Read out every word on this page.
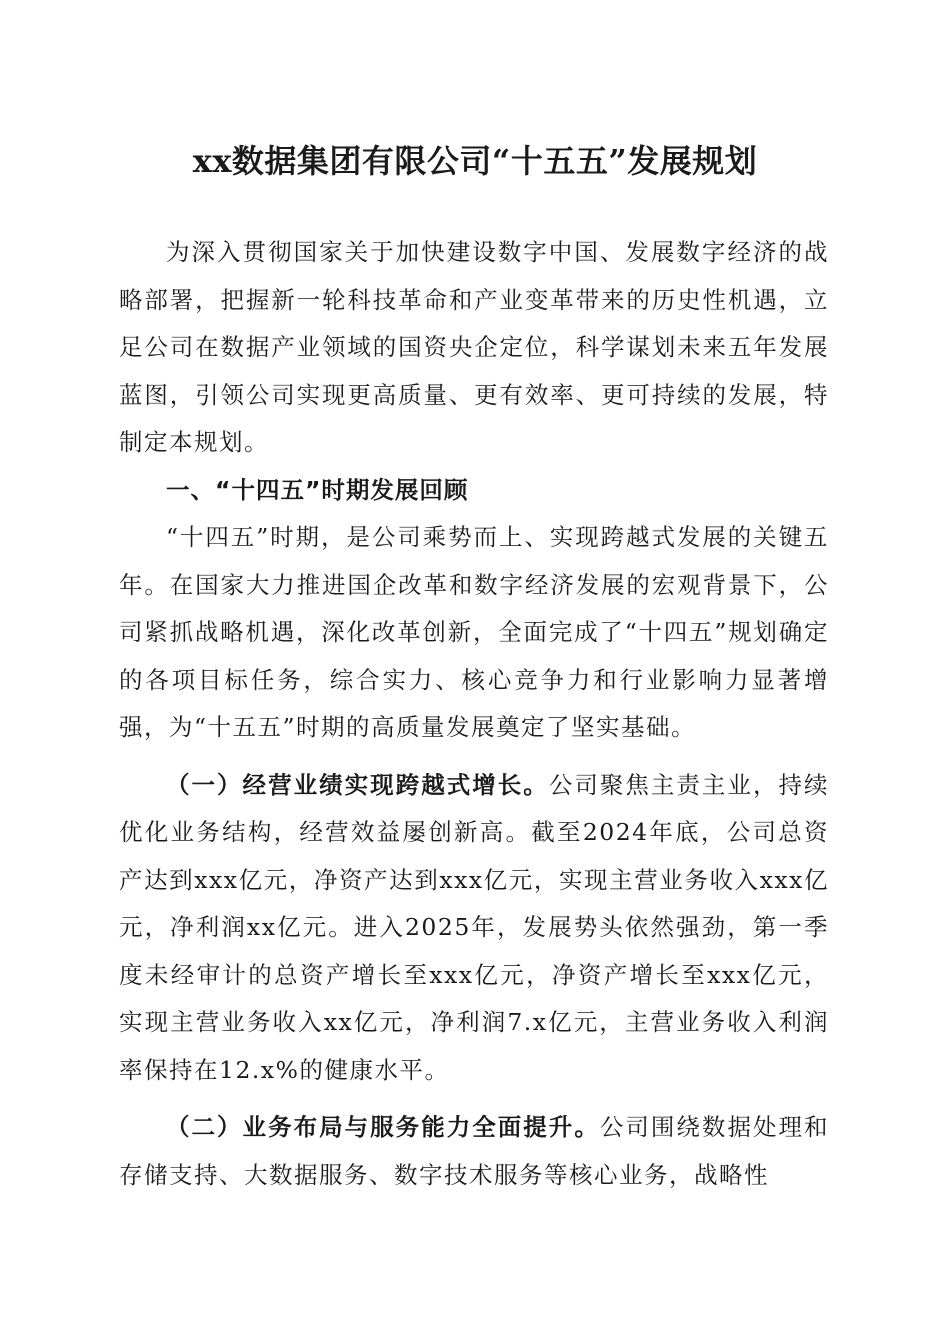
xx数据集团有限公司“十五五”发展规划

为深入贯彻国家关于加快建设数字中国、发展数字经济的战略部署，把握新一轮科技革命和产业变革带来的历史性机遇，立足公司在数据产业领域的国资央企定位，科学谋划未来五年发展蓝图，引领公司实现更高质量、更有效率、更可持续的发展，特制定本规划。

一、“十四五”时期发展回顾

“十四五”时期，是公司乘势而上、实现跨越式发展的关键五年。在国家大力推进国企改革和数字经济发展的宏观背景下，公司紧抓战略机遇，深化改革创新，全面完成了“十四五”规划确定的各项目标任务，综合实力、核心竞争力和行业影响力显著增强，为“十五五”时期的高质量发展奠定了坚实基础。

（一）经营业绩实现跨越式增长。公司聚焦主责主业，持续优化业务结构，经营效益屡创新高。截至2024年底，公司总资产达到xxx亿元，净资产达到xxx亿元，实现主营业务收入xxx亿元，净利润xx亿元。进入2025年，发展势头依然强劲，第一季度未经审计的总资产增长至xxx亿元，净资产增长至xxx亿元，实现主营业务收入xx亿元，净利润7.x亿元，主营业务收入利润率保持在12.x%的健康水平。

（二）业务布局与服务能力全面提升。公司围绕数据处理和存储支持、大数据服务、数字技术服务等核心业务，战略性
